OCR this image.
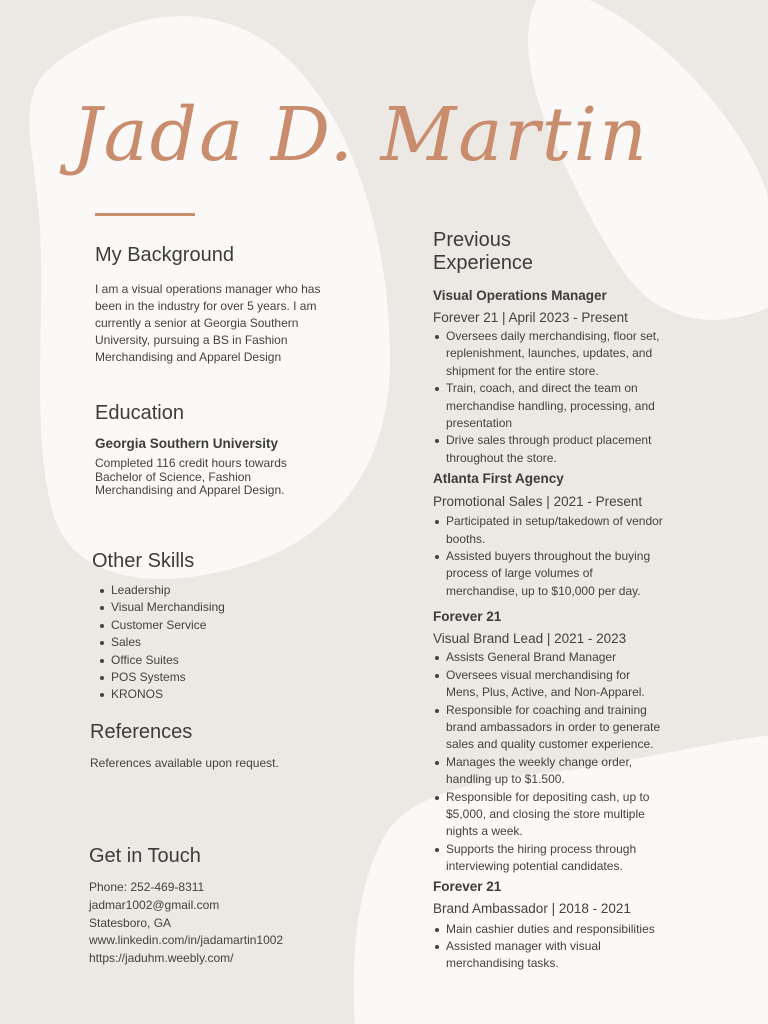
Jada D. Martin
My Background

I am a visual operations manager who has been in the industry for over 5 years. I am currently a senior at Georgia Southern University, pursuing a BS in Fashion Merchandising and Apparel Design

Education
Georgia Southern University

Completed 116 credit hours towards Bachelor of Science, Fashion Merchandising and Apparel Design.

Other Skills
Leadership
Visual Merchandising
Customer Service
Sales
Office Suites
POS Systems
KRONOS
References

References available upon request.

Get in Touch

Phone: 252-469-8311

jadmar1002@gmail.com

Statesboro, GA

www.linkedin.com/in/jadamartin1002

https://jaduhm.weebly.com/

Previous
Experience
Visual Operations Manager
Forever 21 | April 2023 - Present
Oversees daily merchandising, floor set, replenishment, launches, updates, and shipment for the entire store.
Train, coach, and direct the team on merchandise handling, processing, and presentation
Drive sales through product placement throughout the store.
Atlanta First Agency
Promotional Sales | 2021 - Present
Participated in setup/takedown of vendor booths.
Assisted buyers throughout the buying process of large volumes of merchandise, up to $10,000 per day.
Forever 21
Visual Brand Lead | 2021 - 2023
Assists General Brand Manager
Oversees visual merchandising for Mens, Plus, Active, and Non-Apparel.
Responsible for coaching and training brand ambassadors in order to generate sales and quality customer experience.
Manages the weekly change order, handling up to $1.500.
Responsible for depositing cash, up to $5,000, and closing the store multiple nights a week.
Supports the hiring process through interviewing potential candidates.
Forever 21
Brand Ambassador | 2018 - 2021
Main cashier duties and responsibilities
Assisted manager with visual merchandising tasks.
